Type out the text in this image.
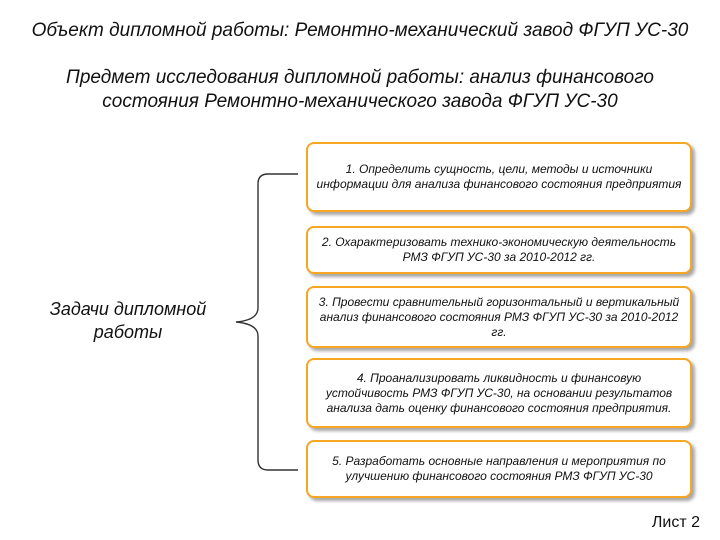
Объект дипломной работы: Ремонтно-механический завод ФГУП УС-30
Предмет исследования дипломной работы: анализ финансового состояния Ремонтно-механического завода ФГУП УС-30
Задачи дипломной работы
1. Определить сущность, цели, методы и источники информации для анализа финансового состояния предприятия
2. Охарактеризовать технико-экономическую деятельность РМЗ ФГУП УС-30 за 2010-2012 гг.
3. Провести сравнительный горизонтальный и вертикальный анализ финансового состояния РМЗ ФГУП УС-30 за 2010-2012 гг.
4. Проанализировать ликвидность и финансовую устойчивость РМЗ ФГУП УС-30, на основании результатов анализа дать оценку финансового состояния предприятия.
5. Разработать основные направления и мероприятия по улучшению финансового состояния РМЗ ФГУП УС-30
Лист 2
